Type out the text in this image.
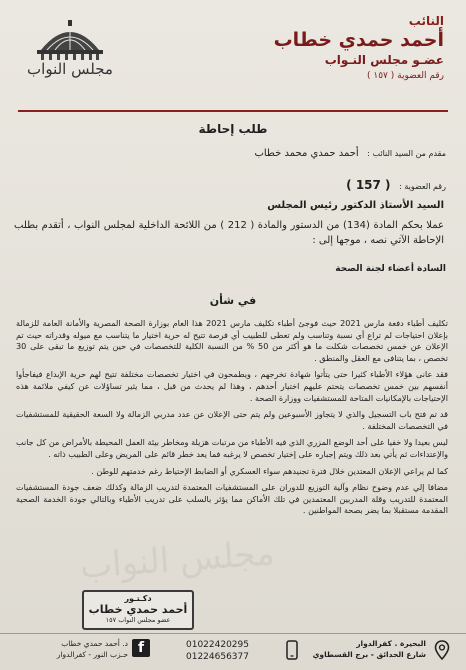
النائب
أحمد حمدي خطاب
عضـو مجلس النـواب
رقم العضوية ( ١٥٧ )
مجلس النواب
طلب إحاطة
مقدم من السيد النائب : أحمد حمدي محمد خطاب
رقم العضوية : ( 157 )
السيد الأستاذ الدكتور رئيس المجلس
عملا بحكم المادة (134) من الدستور والمادة ( 212 ) من اللائحة الداخلية لمجلس النواب ، أتقدم بطلب الإحاطة الآتي نصه ، موجها إلى :
السادة أعضاء لجنة الصحة
في شأن

تكليف أطباء دفعة مارس 2021 حيث فوجئ أطباء تكليف مارس 2021 هذا العام بوزارة الصحة المصرية والأمانة العامة للزمالة بإعلان احتياجات لم تراع أي نسبة وتناسب ولم تعطى للطبيب أي فرصة تتيح له حرية اختيار ما يتناسب مع ميوله وقدراته حيث تم الإعلان عن خمس تخصصات شكلت ما هو أكثر من 50 % من النسبة الكلية للتخصصات في حين يتم توزيع ما تبقى على 30 تخصص ، بما يتنافى مع العقل والمنطق .

فقد عانى هؤلاء الأطباء كثيرا حتى يتأتوا شهادة تخرجهم ، ويطمحون في اختيار تخصصات مختلفة تتيح لهم حرية الإبداع فيفاجأوا أنفسهم بين خمس تخصصات يتحتم عليهم اختيار أحدهم ، وهذا لم يحدث من قبل ، مما يثير تساؤلات عن كيفي ملائمة هذه الإحتياجات بالإمكانيات المتاحة للمستشفيات ووزارة الصحة .

قد تم فتح باب التسجيل والذي لا يتجاوز الأسبوعين ولم يتم حتى الإعلان عن عدد مدربي الزمالة ولا السعة الحقيقية للمستشفيات في التخصصات المختلفة .

ليس بعيدا ولا خفيا على أحد الوضع المزري الذي فيه الأطباء من مرتبات هزيلة ومخاطر بيئة العمل المحيطة بالأمراض من كل جانب والإعتداءات ثم يأتي بعد ذلك ويتم إجباره على إختيار تخصص لا يرغبه فما يعد خطر قائم على المريض وعلى الطبيب ذاته .

كما لم يراعي الإعلان المعتدين خلال فترة تجنيدهم سواء العسكري أو الضابط الإحتياط رغم خدمتهم للوطن .

مضافا إلي عدم وضوح نظام وآلية التوزيع للدوران على المستشفيات المعتمدة لتدريب الزمالة وكذلك ضعف جودة المستشفيات المعتمدة للتدريب وقلة المدربين المعتمدين في تلك الأماكن مما يؤثر بالسلب على تدريب الأطباء وبالتالي جودة الخدمة الصحية المقدمة مستقبلا بما يضر بصحة المواطنين .

مجلس النواب
دكـتـور
أحمد حمدي خطاب
عضو مجلس النواب ١٥٧
البحيرة . كفرالدوار
شارع الحدائق - برج القسطاوي
01022420295
01224656377
f
د. أحمد حمدي خطاب
حـزب النور - كفرالدوار
